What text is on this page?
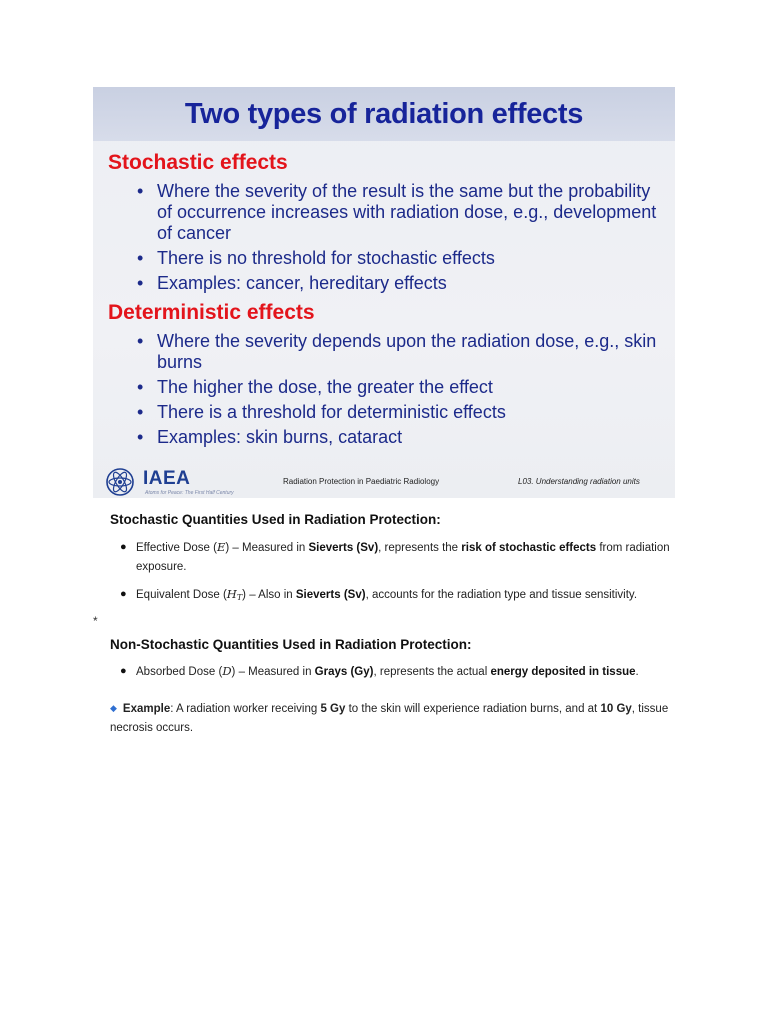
Two types of radiation effects
Stochastic effects
• Where the severity of the result is the same but the probability of occurrence increases with radiation dose, e.g., development of cancer
• There is no threshold for stochastic effects
• Examples: cancer, hereditary effects
Deterministic effects
• Where the severity depends upon the radiation dose, e.g., skin burns
• The higher the dose, the greater the effect
• There is a threshold for deterministic effects
• Examples: skin burns, cataract
IAEA
Atoms for Peace: The First Half Century
Radiation Protection in Paediatric Radiology	L03. Understanding radiation units
Stochastic Quantities Used in Radiation Protection:
● Effective Dose (E) – Measured in Sieverts (Sv), represents the risk of stochastic effects from radiation exposure.
● Equivalent Dose $(H_T)$ – Also in Sieverts (Sv), accounts for the radiation type and tissue sensitivity.
*
Non-Stochastic Quantities Used in Radiation Protection:
● Absorbed Dose (D) – Measured in Grays (Gy), represents the actual energy deposited in tissue.
◆ Example: A radiation worker receiving 5 Gy to the skin will experience radiation burns, and at 10 Gy, tissue necrosis occurs.
